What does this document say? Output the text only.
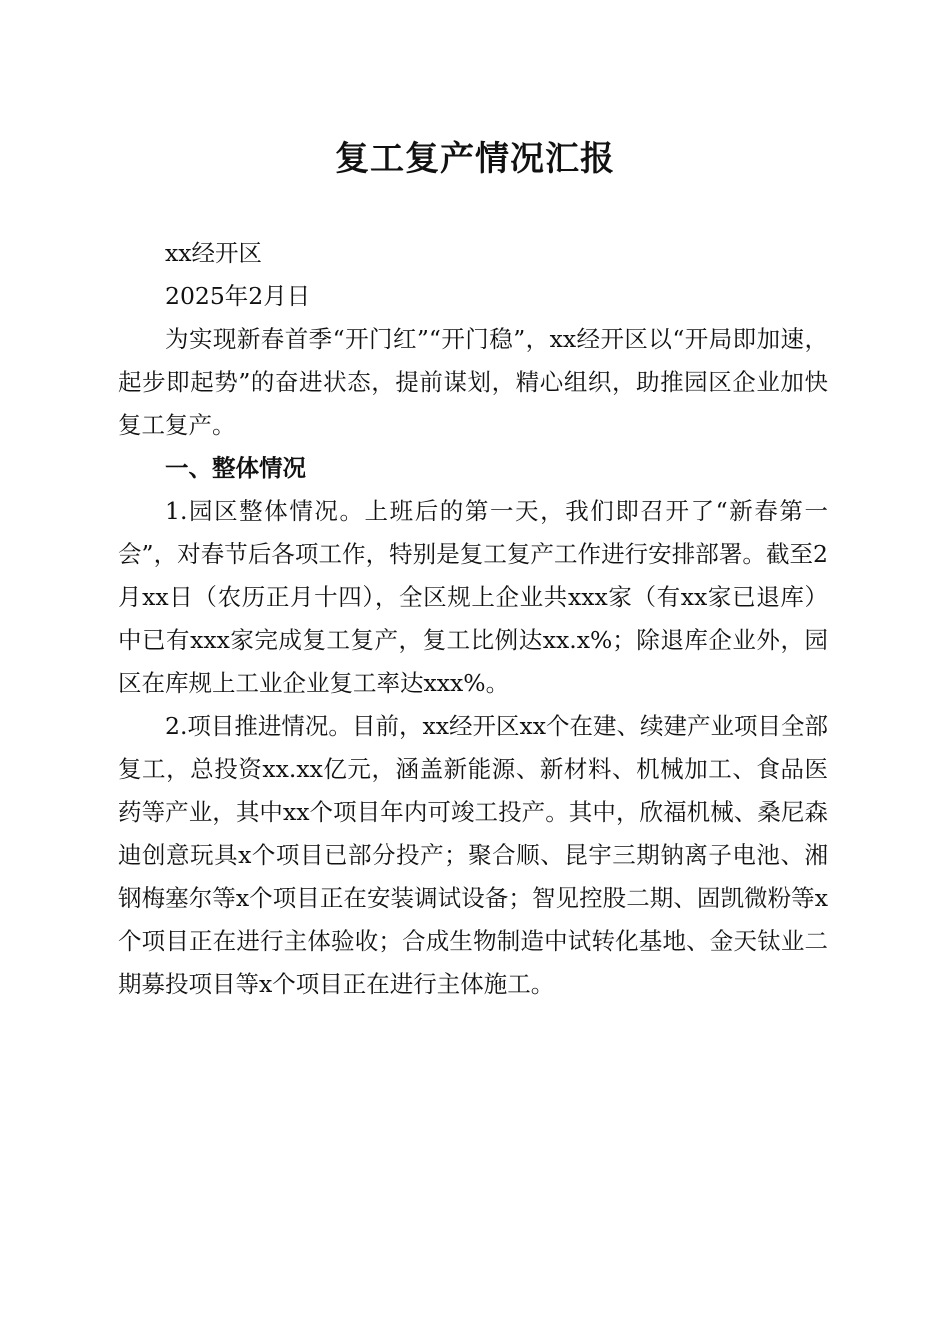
复工复产情况汇报

xx经开区

2025年2月日

为实现新春首季“开门红”“开门稳”，xx经开区以“开局即加速，起步即起势”的奋进状态，提前谋划，精心组织，助推园区企业加快复工复产。

一、整体情况

1.园区整体情况。上班后的第一天，我们即召开了“新春第一会”，对春节后各项工作，特别是复工复产工作进行安排部署。截至2月xx日（农历正月十四），全区规上企业共xxx家（有xx家已退库）中已有xxx家完成复工复产，复工比例达xx.x%；除退库企业外，园区在库规上工业企业复工率达xxx%。

2.项目推进情况。目前，xx经开区xx个在建、续建产业项目全部复工，总投资xx.xx亿元，涵盖新能源、新材料、机械加工、食品医药等产业，其中xx个项目年内可竣工投产。其中，欣福机械、桑尼森迪创意玩具x个项目已部分投产；聚合顺、昆宇三期钠离子电池、湘钢梅塞尔等x个项目正在安装调试设备；智见控股二期、固凯微粉等x个项目正在进行主体验收；合成生物制造中试转化基地、金天钛业二期募投项目等x个项目正在进行主体施工。
